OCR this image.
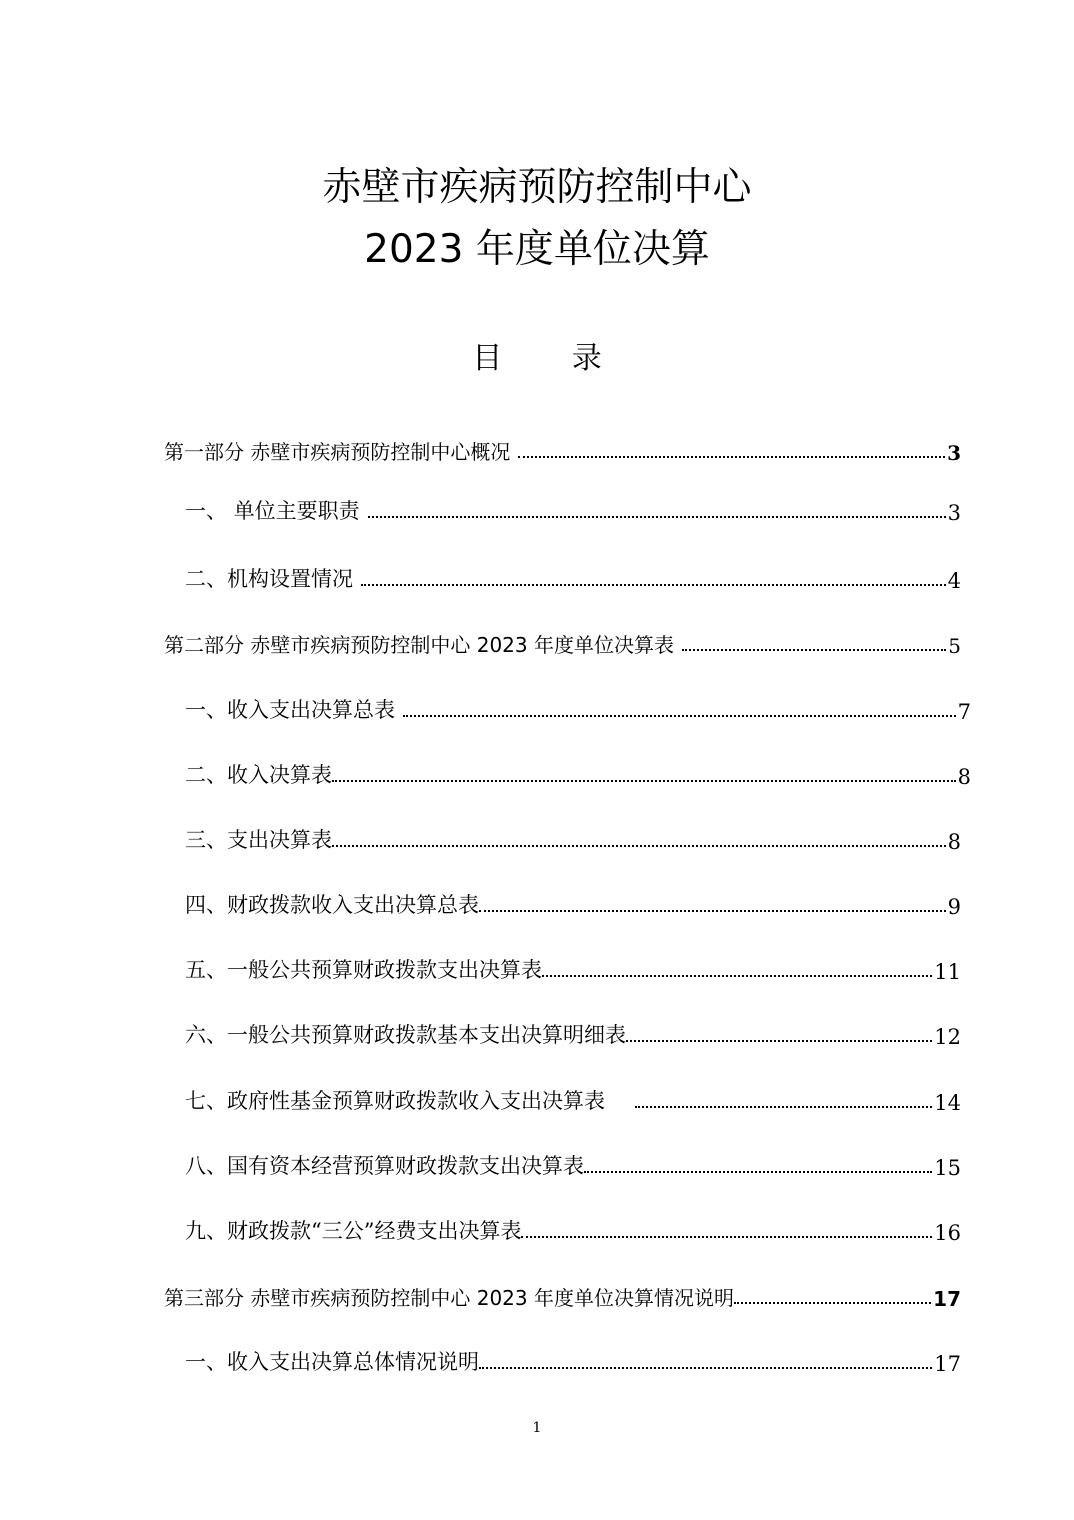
赤壁市疾病预防控制中心
2023 年度单位决算
目 录
第一部分 赤壁市疾病预防控制中心概况	3
一、 单位主要职责	3
二、机构设置情况	4
第二部分 赤壁市疾病预防控制中心 2023 年度单位决算表	5
一、收入支出决算总表	7
二、收入决算表	8
三、支出决算表	8
四、财政拨款收入支出决算总表	9
五、一般公共预算财政拨款支出决算表	11
六、一般公共预算财政拨款基本支出决算明细表	12
七、政府性基金预算财政拨款收入支出决算表	14
八、国有资本经营预算财政拨款支出决算表	15
九、财政拨款“三公”经费支出决算表	16
第三部分 赤壁市疾病预防控制中心 2023 年度单位决算情况说明	17
一、收入支出决算总体情况说明	17
1
